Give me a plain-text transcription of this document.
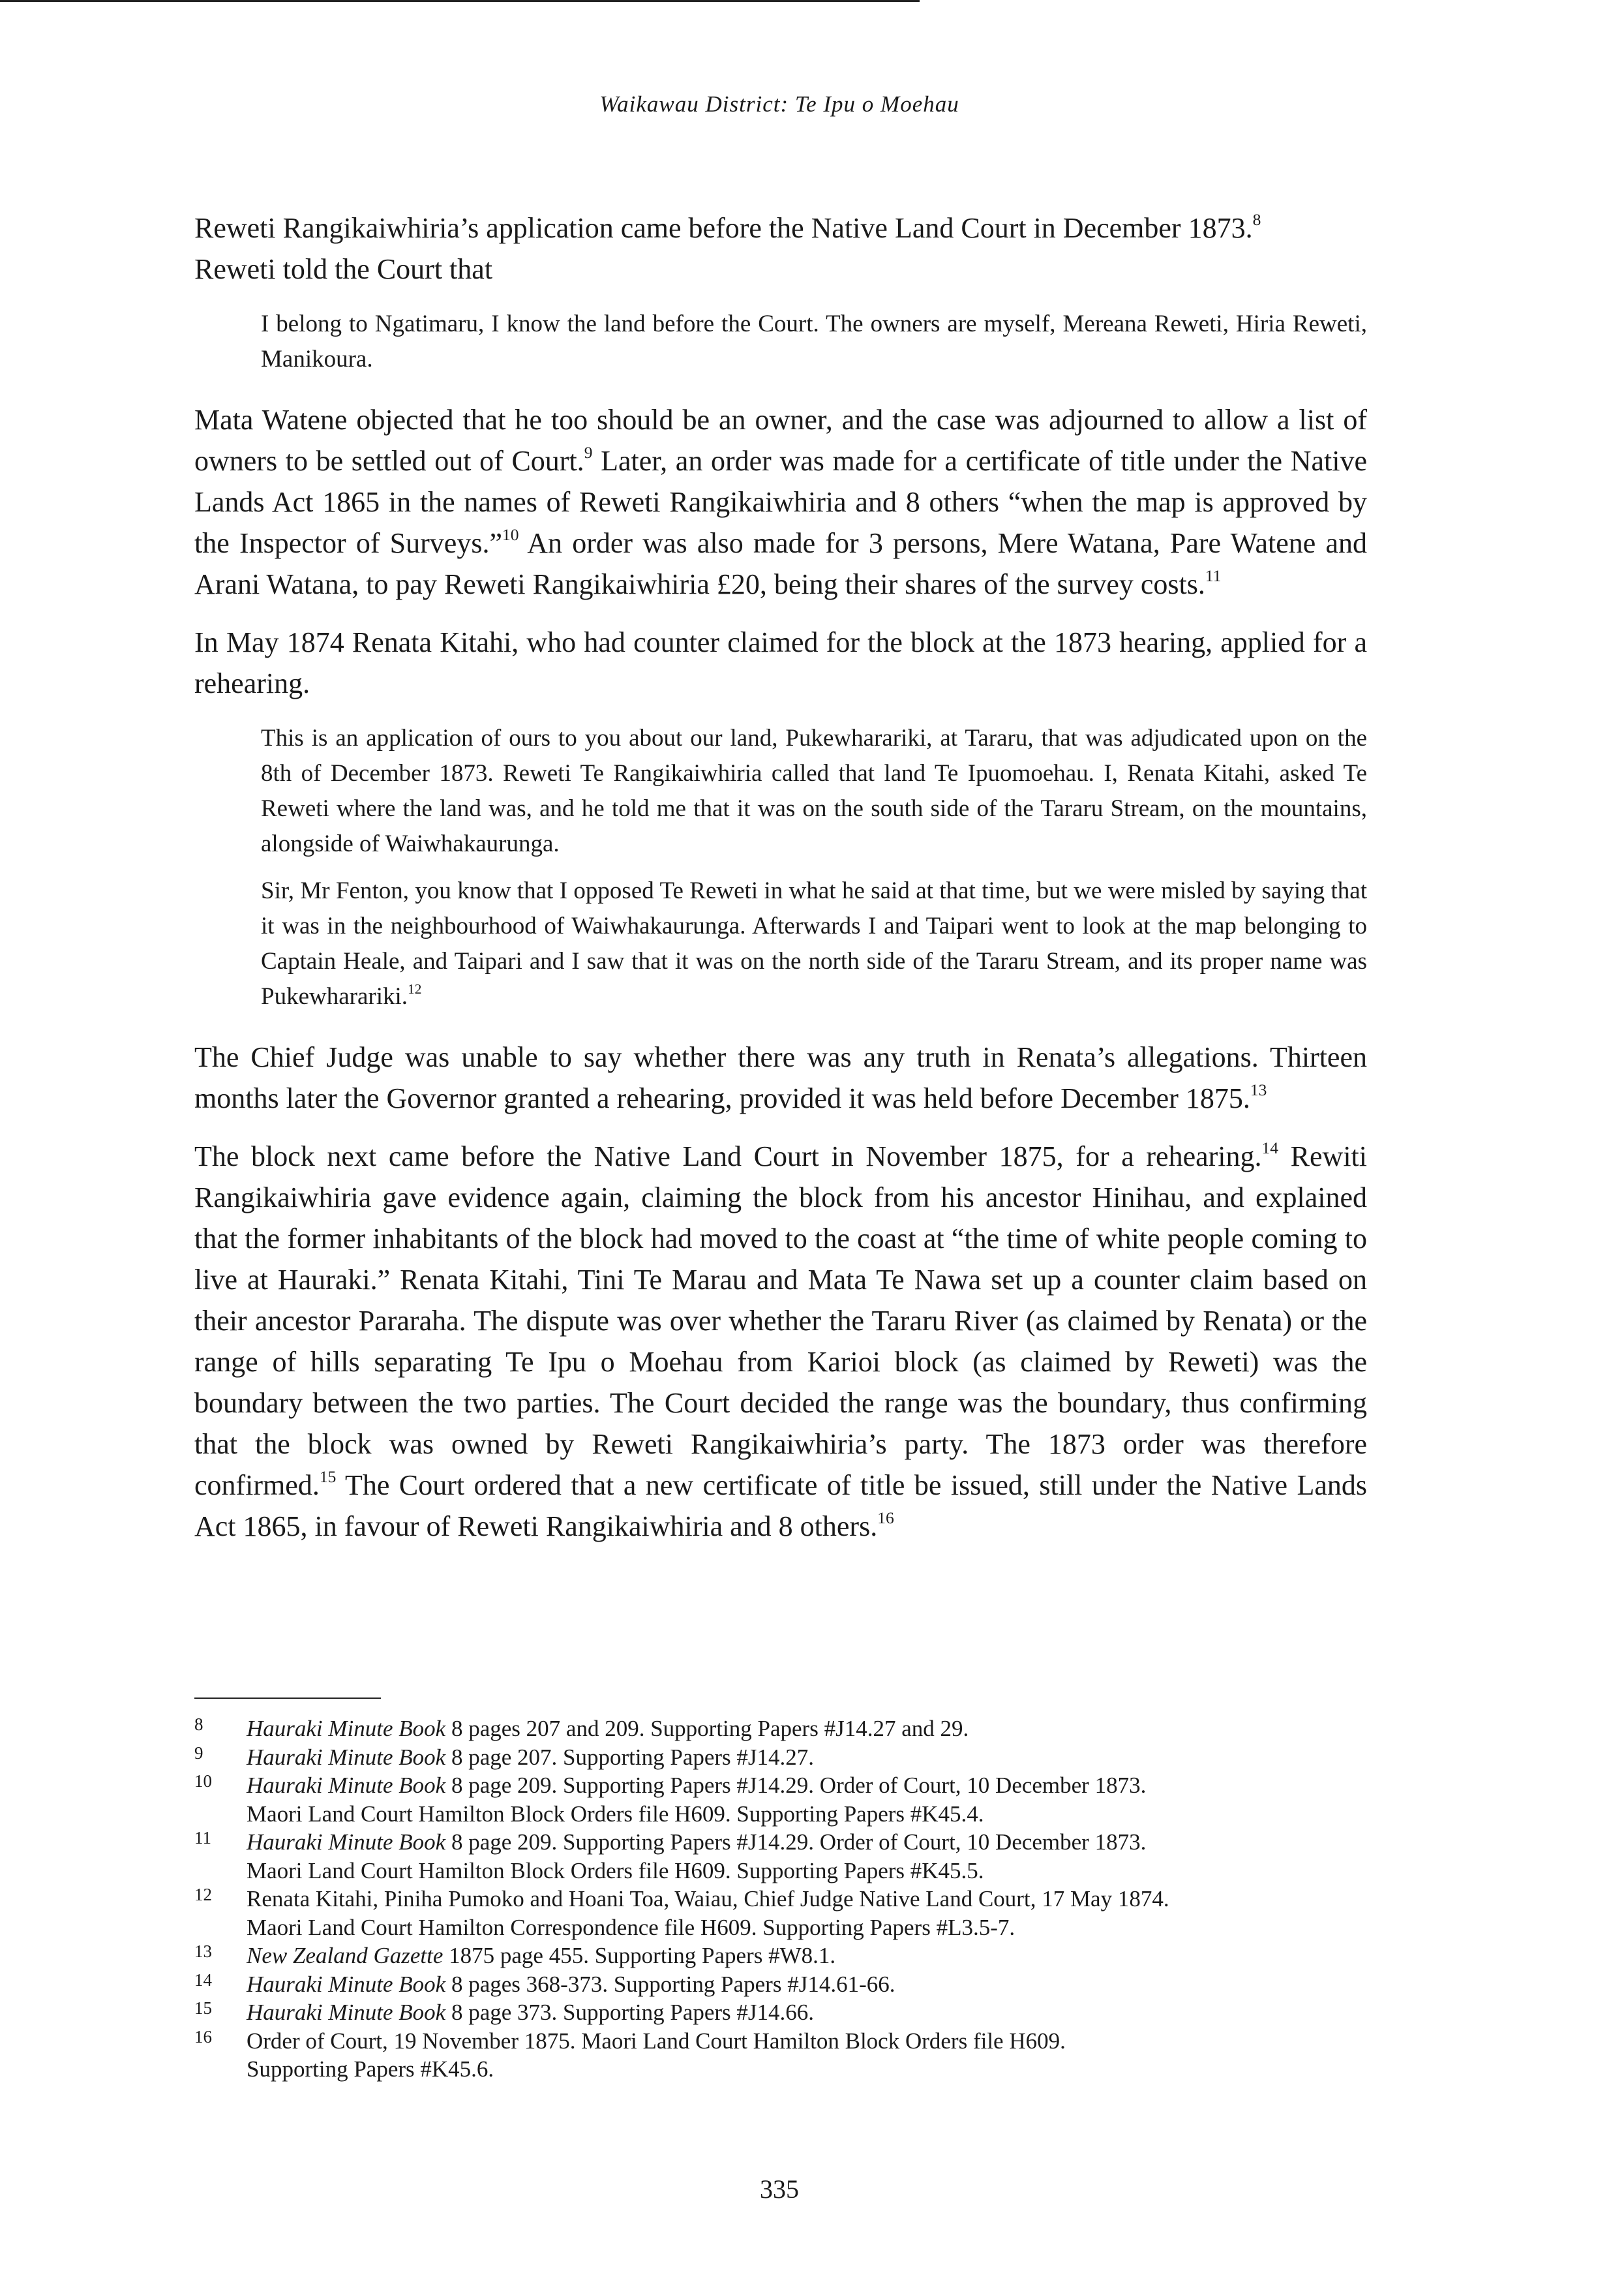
Waikawau District: Te Ipu o Moehau

Reweti Rangikaiwhiria’s application came before the Native Land Court in December 1873.$^8$
Reweti told the Court that

I belong to Ngatimaru, I know the land before the Court. The owners are myself, Mereana Reweti, Hiria Reweti, Manikoura.

Mata Watene objected that he too should be an owner, and the case was adjourned to allow a list of owners to be settled out of Court.$^9$ Later, an order was made for a certificate of title under the Native Lands Act 1865 in the names of Reweti Rangikaiwhiria and 8 others “when the map is approved by the Inspector of Surveys.”$^{10}$ An order was also made for 3 persons, Mere Watana, Pare Watene and Arani Watana, to pay Reweti Rangikaiwhiria £20, being their shares of the survey costs.$^{11}$

In May 1874 Renata Kitahi, who had counter claimed for the block at the 1873 hearing, applied for a rehearing.

This is an application of ours to you about our land, Pukewharariki, at Tararu, that was adjudicated upon on the 8th of December 1873. Reweti Te Rangikaiwhiria called that land Te Ipuomoehau. I, Renata Kitahi, asked Te Reweti where the land was, and he told me that it was on the south side of the Tararu Stream, on the mountains, alongside of Waiwhakaurunga.

Sir, Mr Fenton, you know that I opposed Te Reweti in what he said at that time, but we were misled by saying that it was in the neighbourhood of Waiwhakaurunga. Afterwards I and Taipari went to look at the map belonging to Captain Heale, and Taipari and I saw that it was on the north side of the Tararu Stream, and its proper name was Pukewharariki.$^{12}$

The Chief Judge was unable to say whether there was any truth in Renata’s allegations. Thirteen months later the Governor granted a rehearing, provided it was held before December 1875.13

The block next came before the Native Land Court in November 1875, for a rehearing.$^{14}$ Rewiti Rangikaiwhiria gave evidence again, claiming the block from his ancestor Hinihau, and explained that the former inhabitants of the block had moved to the coast at “the time of white people coming to live at Hauraki.” Renata Kitahi, Tini Te Marau and Mata Te Nawa set up a counter claim based on their ancestor Pararaha. The dispute was over whether the Tararu River (as claimed by Renata) or the range of hills separating Te Ipu o Moehau from Karioi block (as claimed by Reweti) was the boundary between the two parties. The Court decided the range was the boundary, thus confirming that the block was owned by Reweti Rangikaiwhiria’s party. The 1873 order was therefore confirmed.$^{15}$ The Court ordered that a new certificate of title be issued, still under the Native Lands Act 1865, in favour of Reweti Rangikaiwhiria and 8 others.$^{16}$

8 Hauraki Minute Book 8 pages 207 and 209. Supporting Papers #J14.27 and 29.
9 Hauraki Minute Book 8 page 207. Supporting Papers #J14.27.
10 Hauraki Minute Book 8 page 209. Supporting Papers #J14.29. Order of Court, 10 December 1873.
Maori Land Court Hamilton Block Orders file H609. Supporting Papers #K45.4.
11 Hauraki Minute Book 8 page 209. Supporting Papers #J14.29. Order of Court, 10 December 1873.
Maori Land Court Hamilton Block Orders file H609. Supporting Papers #K45.5.
12 Renata Kitahi, Piniha Pumoko and Hoani Toa, Waiau, Chief Judge Native Land Court, 17 May 1874.
Maori Land Court Hamilton Correspondence file H609. Supporting Papers #L3.5-7.
13 New Zealand Gazette 1875 page 455. Supporting Papers #W8.1.
14 Hauraki Minute Book 8 pages 368-373. Supporting Papers #J14.61-66.
15 Hauraki Minute Book 8 page 373. Supporting Papers #J14.66.
16 Order of Court, 19 November 1875. Maori Land Court Hamilton Block Orders file H609.
Supporting Papers #K45.6.
335
